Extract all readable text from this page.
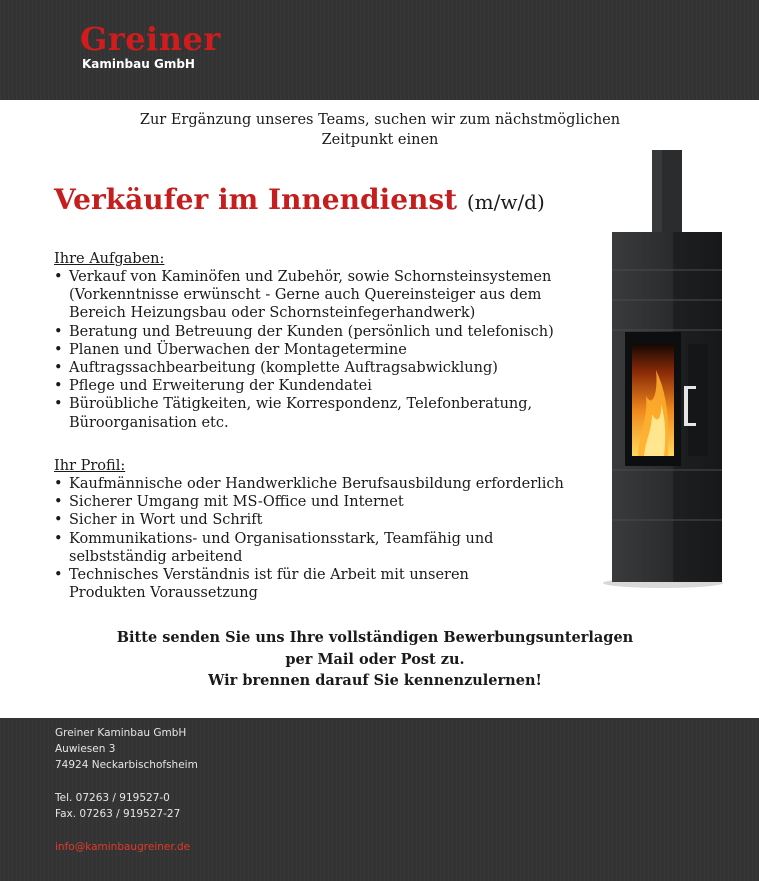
Greiner
Kaminbau GmbH
Zur Ergänzung unseres Teams, suchen wir zum nächstmöglichen
Zeitpunkt einen
Verkäufer im Innendienst (m/w/d)
Ihre Aufgaben:
• Verkauf von Kaminöfen und Zubehör, sowie Schornsteinsystemen
(Vorkenntnisse erwünscht - Gerne auch Quereinsteiger aus dem
Bereich Heizungsbau oder Schornsteinfegerhandwerk)
• Beratung und Betreuung der Kunden (persönlich und telefonisch)
• Planen und Überwachen der Montagetermine
• Auftragssachbearbeitung (komplette Auftragsabwicklung)
• Pflege und Erweiterung der Kundendatei
• Büroübliche Tätigkeiten, wie Korrespondenz, Telefonberatung,
Büroorganisation etc.
Ihr Profil:
• Kaufmännische oder Handwerkliche Berufsausbildung erforderlich
• Sicherer Umgang mit MS-Office und Internet
• Sicher in Wort und Schrift
• Kommunikations- und Organisationsstark, Teamfähig und
selbstständig arbeitend
• Technisches Verständnis ist für die Arbeit mit unseren
Produkten Voraussetzung
Bitte senden Sie uns Ihre vollständigen Bewerbungsunterlagen
per Mail oder Post zu.
Wir brennen darauf Sie kennenzulernen!
Greiner Kaminbau GmbH
Auwiesen 3
74924 Neckarbischofsheim
Tel. 07263 / 919527-0
Fax. 07263 / 919527-27
info@kaminbaugreiner.de
